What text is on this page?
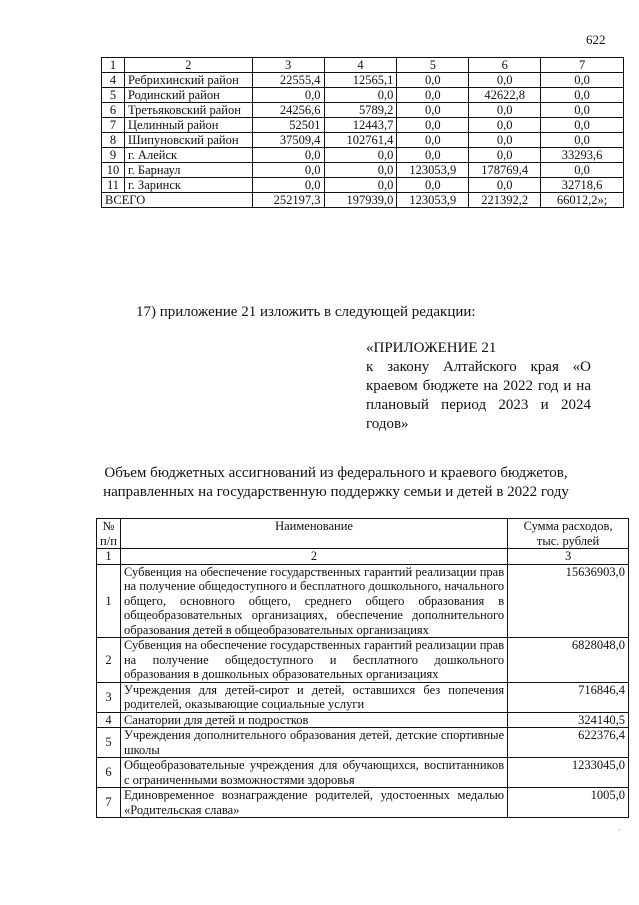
622
1	2	3	4	5	6	7
4	Ребрихинский район	22555,4	12565,1	0,0	0,0	0,0
5	Родинский район	0,0	0,0	0,0	42622,8	0,0
6	Третьяковский район	24256,6	5789,2	0,0	0,0	0,0
7	Целинный район	52501	12443,7	0,0	0,0	0,0
8	Шипуновский район	37509,4	102761,4	0,0	0,0	0,0
9	г. Алейск	0,0	0,0	0,0	0,0	33293,6
10	г. Барнаул	0,0	0,0	123053,9	178769,4	0,0
11	г. Заринск	0,0	0,0	0,0	0,0	32718,6
ВСЕГО		252197,3	197939,0	123053,9	221392,2	66012,2»;
17) приложение 21 изложить в следующей редакции:
«ПРИЛОЖЕНИЕ 21
к закону Алтайского края «О краевом бюджете на 2022 год и на плановый период 2023 и 2024 годов»
Объем бюджетных ассигнований из федерального и краевого бюджетов, направленных на государственную поддержку семьи и детей в 2022 году
№ п/п	Наименование	Сумма расходов, тыс. рублей
1	2	3
1	Субвенция на обеспечение государственных гарантий реализации прав на получение общедоступного и бесплатного дошкольного, начального общего, основного общего, среднего общего образования в общеобразовательных организациях, обеспечение дополнительного образования детей в общеобразовательных организациях	15636903,0
2	Субвенция на обеспечение государственных гарантий реализации прав на получение общедоступного и бесплатного дошкольного образования в дошкольных образовательных организациях	6828048,0
3	Учреждения для детей-сирот и детей, оставшихся без попечения родителей, оказывающие социальные услуги	716846,4
4	Санатории для детей и подростков	324140,5
5	Учреждения дополнительного образования детей, детские спортивные школы	622376,4
6	Общеобразовательные учреждения для обучающихся, воспитанников с ограниченными возможностями здоровья	1233045,0
7	Единовременное вознаграждение родителей, удостоенных медалью «Родительская слава»	1005,0
·
